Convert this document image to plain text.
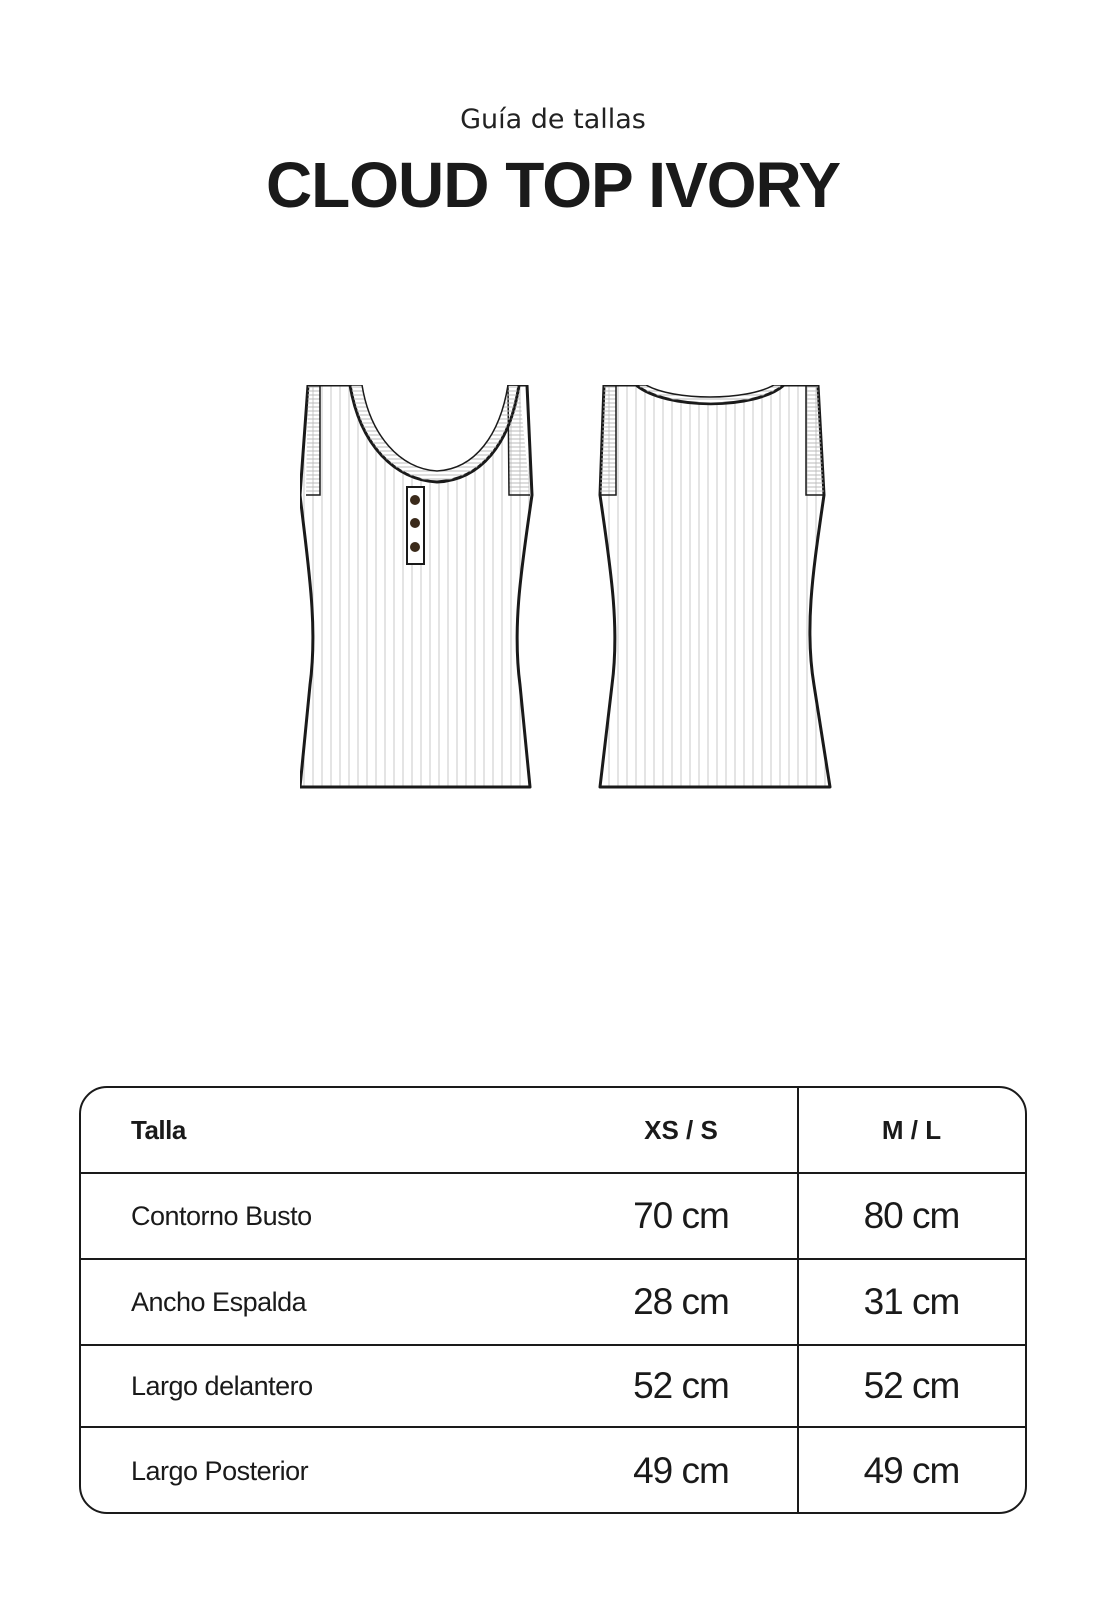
Guía de tallas
CLOUD TOP IVORY
Talla	XS / S	M / L
Contorno Busto	70 cm	80 cm
Ancho Espalda	28 cm	31 cm
Largo delantero	52 cm	52 cm
Largo Posterior	49 cm	49 cm
